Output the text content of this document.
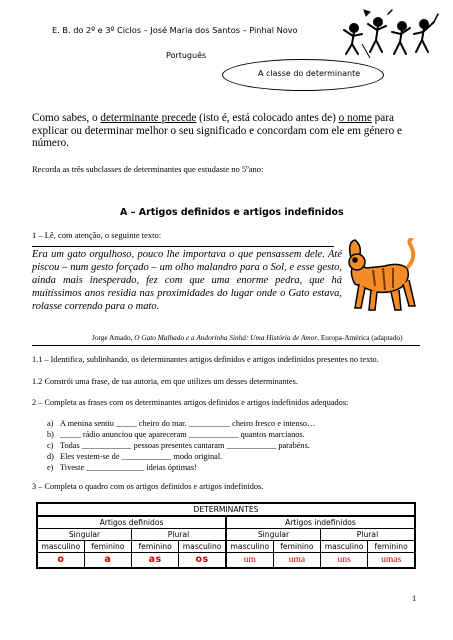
E. B. do 2º e 3º Ciclos – José Maria dos Santos – Pinhal Novo
Português
A classe do determinante
Como sabes, o determinante precede (isto é, está colocado antes de) o nome para explicar ou determinar melhor o seu significado e concordam com ele em género e número.
Recorda as três subclasses de determinantes que estudaste no 5ºano:
A – Artigos definidos e artigos indefinidos
1 – Lê, com atenção, o seguinte texto:
Era um gato orgulhoso, pouco lhe importava o que pensassem dele. Até piscou – num gesto forçado – um olho malandro para o Sol, e esse gesto, ainda mais inesperado, fez com que uma enorme pedra, que há muitíssimos anos residia nas proximidades do lugar onde o Gato estava, rolasse correndo para o mato.
Jorge Amado, O Gato Malhado e a Andorinha Sinhá: Uma História de Amor, Europa-América (adaptado)
1.1 – Identifica, sublinhando, os determinantes artigos definidos e artigos indefinidos presentes no texto.
1.2 Constrói uma frase, de tua autoria, em que utilizes um desses determinantes.
2 – Completa as frases com os determinantes artigos definidos e artigos indefinidos adequados:
a) A menina sentiu _____ cheiro do mar. __________ cheiro fresco e intenso…
b) _____ rádio anunciou que apareceram ____________ quantos marcianos.
c) Todas ____________ pessoas presentes cantaram ____________ parabéns.
d) Eles vestem-se de ____________ modo original.
e) Tiveste ______________ ideias óptimas!
3 – Completa o quadro com os artigos definidos e artigos indefinidos.
DETERMINANTES							
Artigos definidos				Artigos indefinidos			
Singular		Plural		Singular		Plural	
masculino	feminino	feminino	masculino	masculino	feminino	masculino	feminino
o	a	as	os	um	uma	uns	umas
1
